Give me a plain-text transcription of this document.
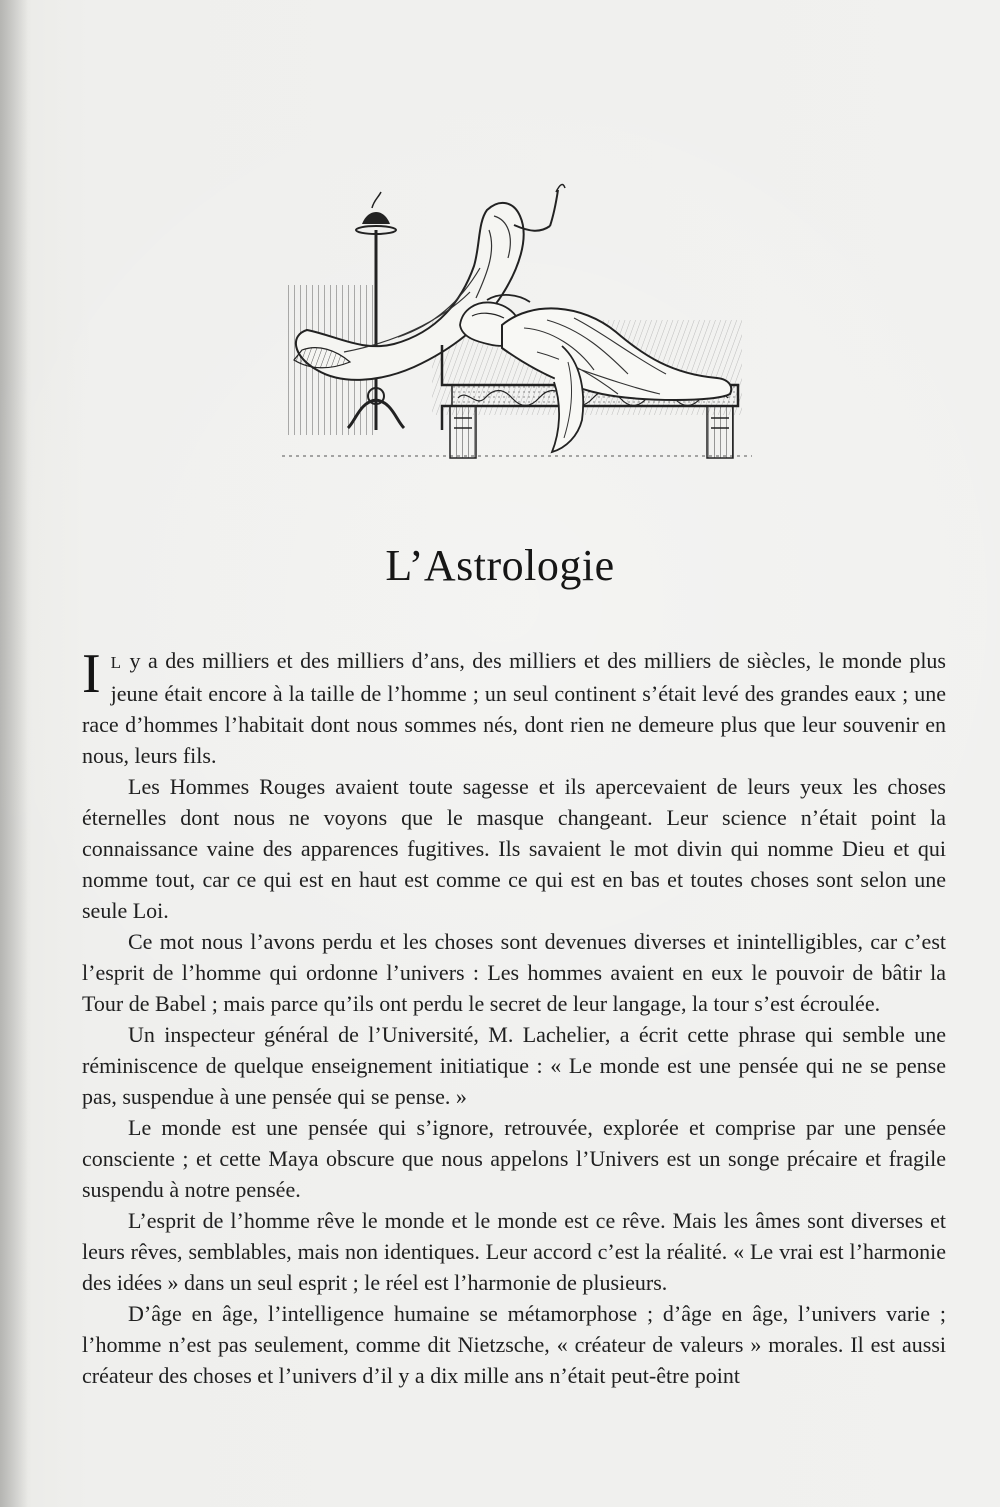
L’Astrologie

I L y a des milliers et des milliers d’ans, des milliers et des milliers de siècles, le monde plus jeune était encore à la taille de l’homme ; un seul continent s’était levé des grandes eaux ; une race d’hommes l’habitait dont nous sommes nés, dont rien ne demeure plus que leur souvenir en nous, leurs fils.

Les Hommes Rouges avaient toute sagesse et ils apercevaient de leurs yeux les choses éternelles dont nous ne voyons que le masque changeant. Leur science n’était point la connaissance vaine des apparences fugitives. Ils savaient le mot divin qui nomme Dieu et qui nomme tout, car ce qui est en haut est comme ce qui est en bas et toutes choses sont selon une seule Loi.

Ce mot nous l’avons perdu et les choses sont devenues diverses et inintelligibles, car c’est l’esprit de l’homme qui ordonne l’univers : Les hommes avaient en eux le pouvoir de bâtir la Tour de Babel ; mais parce qu’ils ont perdu le secret de leur langage, la tour s’est écroulée.

Un inspecteur général de l’Université, M. Lachelier, a écrit cette phrase qui semble une réminiscence de quelque enseignement initiatique : « Le monde est une pensée qui ne se pense pas, suspendue à une pensée qui se pense. »

Le monde est une pensée qui s’ignore, retrouvée, explorée et comprise par une pensée consciente ; et cette Maya obscure que nous appelons l’Univers est un songe précaire et fragile suspendu à notre pensée.

L’esprit de l’homme rêve le monde et le monde est ce rêve. Mais les âmes sont diverses et leurs rêves, semblables, mais non identiques. Leur accord c’est la réalité. « Le vrai est l’harmonie des idées » dans un seul esprit ; le réel est l’harmonie de plusieurs.

D’âge en âge, l’intelligence humaine se métamorphose ; d’âge en âge, l’univers varie ; l’homme n’est pas seulement, comme dit Nietzsche, « créateur de valeurs » morales. Il est aussi créateur des choses et l’univers d’il y a dix mille ans n’était peut-être point
